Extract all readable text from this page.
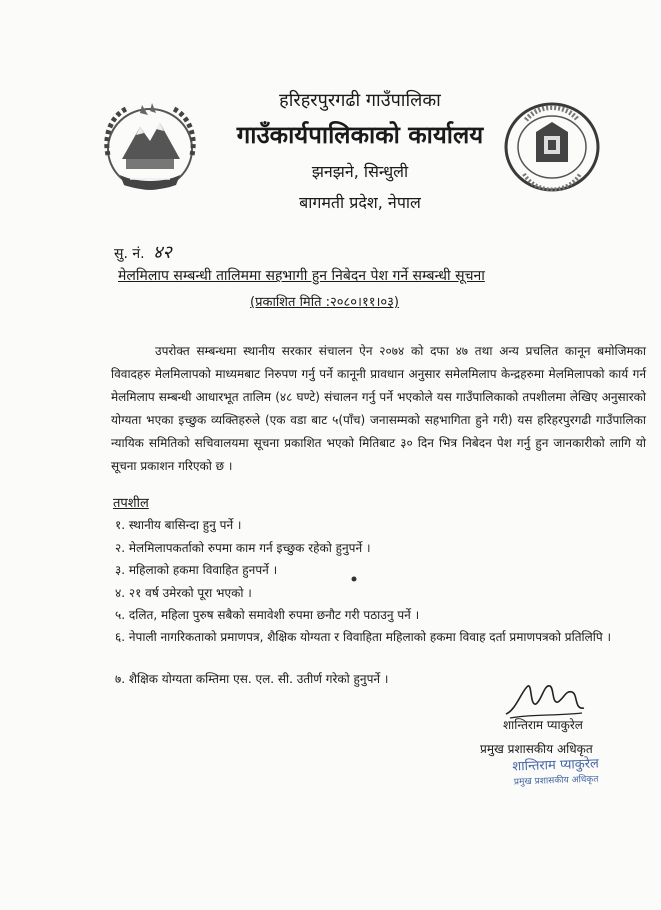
हरिहरपुरगढी गाउँपालिका
गाउँकार्यपालिकाको कार्यालय
झनझने, सिन्धुली
बागमती प्रदेश, नेपाल
सु. नं. ४२
मेलमिलाप सम्बन्धी तालिममा सहभागी हुन निबेदन पेश गर्ने सम्बन्धी सूचना
(प्रकाशित मिति :२०८०।११।०३)
उपरोक्त सम्बन्धमा स्थानीय सरकार संचालन ऐन २०७४ को दफा ४७ तथा अन्य प्रचलित कानून बमोजिमका विवादहरु मेलमिलापको माध्यमबाट निरुपण गर्नु पर्ने कानूनी प्रावधान अनुसार समेलमिलाप केन्द्रहरुमा मेलमिलापको कार्य गर्न मेलमिलाप सम्बन्धी आधारभूत तालिम (४८ घण्टे) संचालन गर्नु पर्ने भएकोले यस गाउँपालिकाको तपशीलमा लेखिए अनुसारको योग्यता भएका इच्छुक व्यक्तिहरुले (एक वडा बाट ५(पाँच) जनासम्मको सहभागिता हुने गरी) यस हरिहरपुरगढी गाउँपालिका न्यायिक समितिको सचिवालयमा सूचना प्रकाशित भएको मितिबाट ३० दिन भित्र निबेदन पेश गर्नु हुन जानकारीको लागि यो सूचना प्रकाशन गरिएको छ ।
तपशील
१. स्थानीय बासिन्दा हुनु पर्ने ।
२. मेलमिलापकर्ताको रुपमा काम गर्न इच्छुक रहेको हुनुपर्ने ।
३. महिलाको हकमा विवाहित हुनपर्ने ।
४. २१ वर्ष उमेरको पूरा भएको ।
५. दलित, महिला पुरुष सबैको समावेशी रुपमा छनौट गरी पठाउनु पर्ने ।
६. नेपाली नागरिकताको प्रमाणपत्र, शैक्षिक योग्यता र विवाहिता महिलाको हकमा विवाह दर्ता प्रमाणपत्रको प्रतिलिपि ।
७. शैक्षिक योग्यता कम्तिमा एस. एल. सी. उतीर्ण गरेको हुनुपर्ने ।
शान्तिराम प्याकुरेल
प्रमुख प्रशासकीय अधिकृत
शान्तिराम प्याकुरेल
प्रमुख प्रशासकीय अधिकृत
